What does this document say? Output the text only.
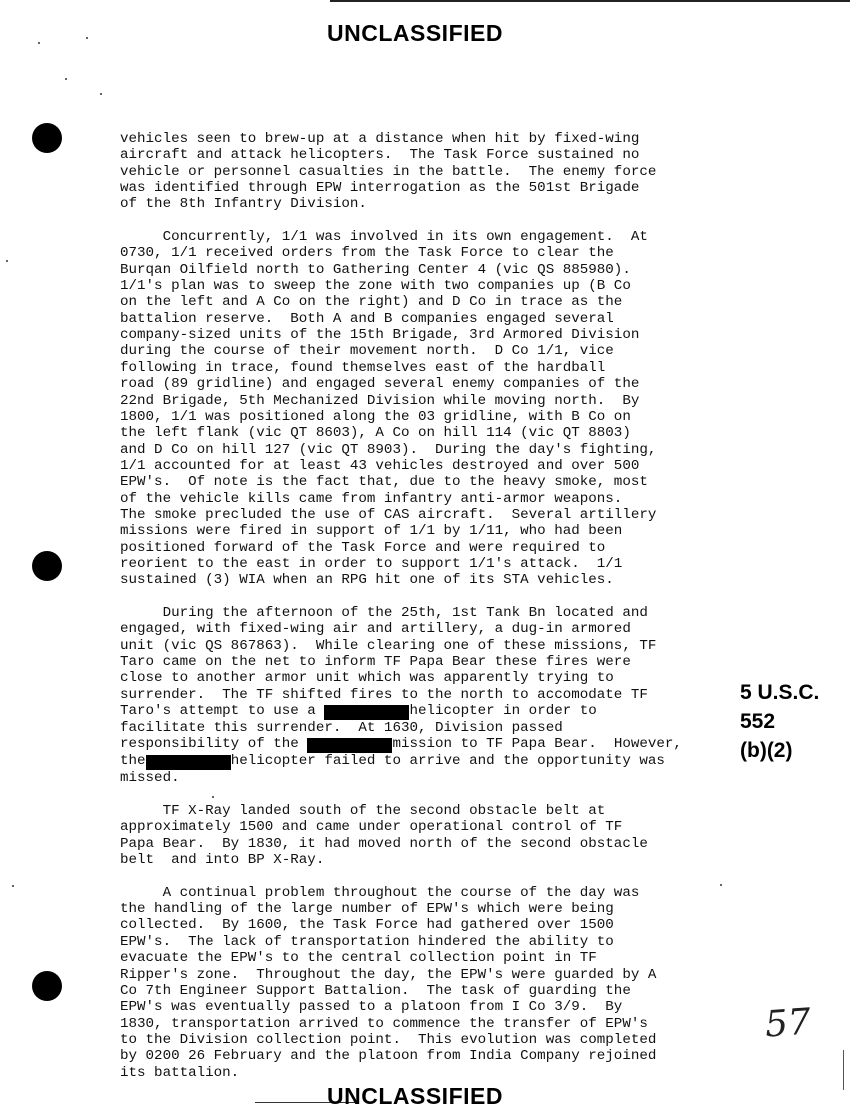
UNCLASSIFIED

vehicles seen to brew-up at a distance when hit by fixed-wing
aircraft and attack helicopters.  The Task Force sustained no
vehicle or personnel casualties in the battle.  The enemy force
was identified through EPW interrogation as the 501st Brigade
of the 8th Infantry Division.

Concurrently, 1/1 was involved in its own engagement.  At
0730, 1/1 received orders from the Task Force to clear the
Burqan Oilfield north to Gathering Center 4 (vic QS 885980).
1/1's plan was to sweep the zone with two companies up (B Co
on the left and A Co on the right) and D Co in trace as the
battalion reserve.  Both A and B companies engaged several
company-sized units of the 15th Brigade, 3rd Armored Division
during the course of their movement north.  D Co 1/1, vice
following in trace, found themselves east of the hardball
road (89 gridline) and engaged several enemy companies of the
22nd Brigade, 5th Mechanized Division while moving north.  By
1800, 1/1 was positioned along the 03 gridline, with B Co on
the left flank (vic QT 8603), A Co on hill 114 (vic QT 8803)
and D Co on hill 127 (vic QT 8903).  During the day's fighting,
1/1 accounted for at least 43 vehicles destroyed and over 500
EPW's.  Of note is the fact that, due to the heavy smoke, most
of the vehicle kills came from infantry anti-armor weapons.
The smoke precluded the use of CAS aircraft.  Several artillery
missions were fired in support of 1/1 by 1/11, who had been
positioned forward of the Task Force and were required to
reorient to the east in order to support 1/1's attack.  1/1
sustained (3) WIA when an RPG hit one of its STA vehicles.

During the afternoon of the 25th, 1st Tank Bn located and
engaged, with fixed-wing air and artillery, a dug-in armored
unit (vic QS 867863).  While clearing one of these missions, TF
Taro came on the net to inform TF Papa Bear these fires were
close to another armor unit which was apparently trying to
surrender.  The TF shifted fires to the north to accomodate TF
Taro's attempt to use a	helicopter in order to
facilitate this surrender.  At 1630, Division passed
responsibility of the	mission to TF Papa Bear.  However,
the	helicopter failed to arrive and the opportunity was
missed.

TF X-Ray landed south of the second obstacle belt at
approximately 1500 and came under operational control of TF
Papa Bear.  By 1830, it had moved north of the second obstacle
belt  and into BP X-Ray.

A continual problem throughout the course of the day was
the handling of the large number of EPW's which were being
collected.  By 1600, the Task Force had gathered over 1500
EPW's.  The lack of transportation hindered the ability to
evacuate the EPW's to the central collection point in TF
Ripper's zone.  Throughout the day, the EPW's were guarded by A
Co 7th Engineer Support Battalion.  The task of guarding the
EPW's was eventually passed to a platoon from I Co 3/9.  By
1830, transportation arrived to commence the transfer of EPW's
to the Division collection point.  This evolution was completed
by 0200 26 February and the platoon from India Company rejoined
its battalion.

5 U.S.C.
552
(b)(2)
57
UNCLASSIFIED
